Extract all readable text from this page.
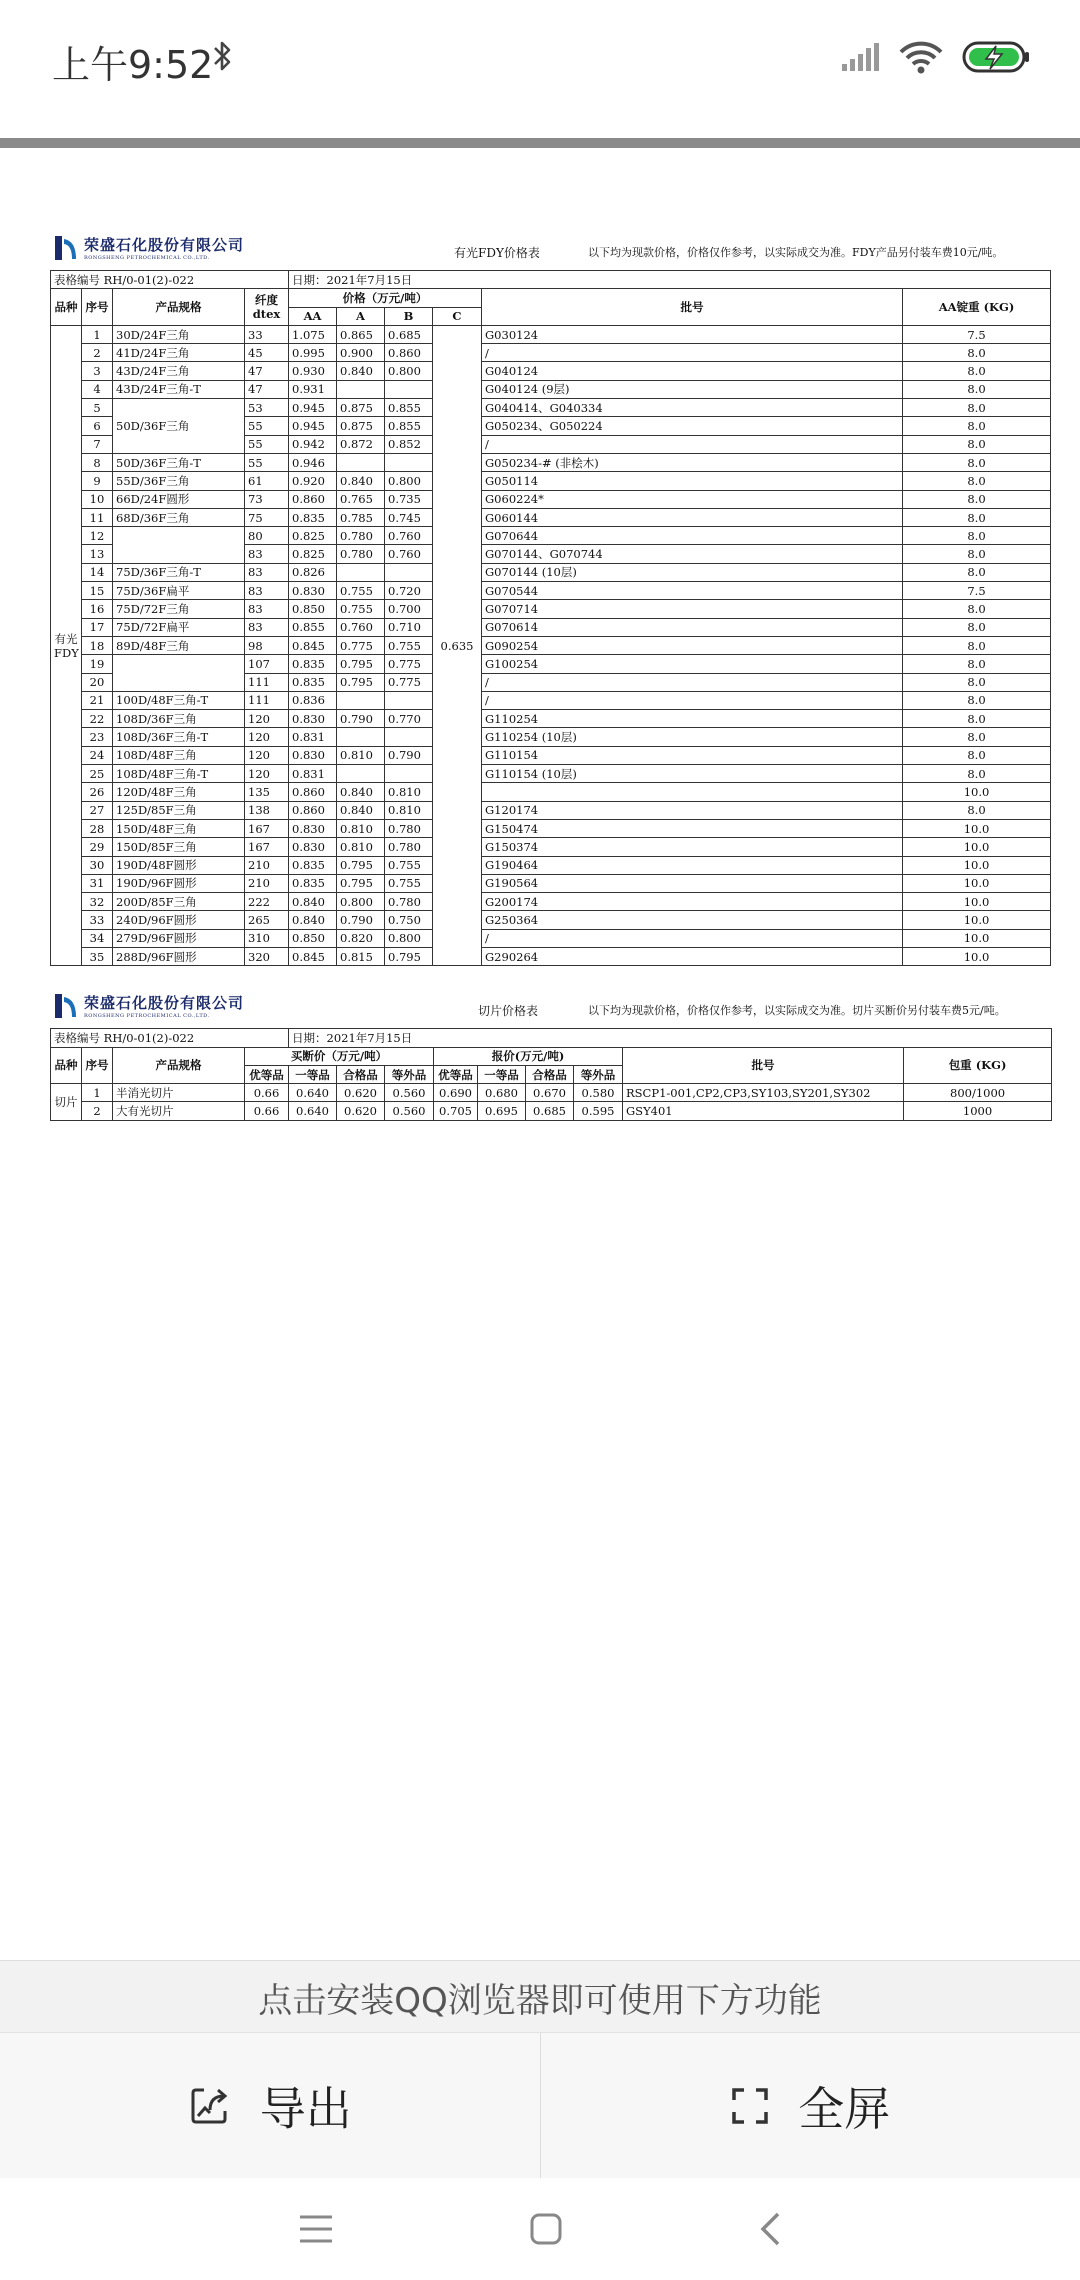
上午9:52
荣盛石化股份有限公司
RONGSHENG PETROCHEMICAL CO.,LTD.	有光FDY价格表	以下均为现款价格，价格仅作参考，以实际成交为准。FDY产品另付装车费10元/吨。
表格编号 RH/0-01(2)-022				日期：2021年7月15日					
品种	序号	产品规格	纤度 dtex	价格（万元/吨）				批号	AA锭重 (KG)
				AA	A	B	C		
有光FDY	1	30D/24F三角	33	1.075	0.865	0.685	0.635	G030124	7.5
	2	41D/24F三角	45	0.995	0.900	0.860		/	8.0
	3	43D/24F三角	47	0.930	0.840	0.800		G040124	8.0
	4	43D/24F三角-T	47	0.931				G040124 (9层)	8.0
	5	50D/36F三角	53	0.945	0.875	0.855		G040414、G040334	8.0
	6		55	0.945	0.875	0.855		G050234、G050224	8.0
	7		55	0.942	0.872	0.852		/	8.0
	8	50D/36F三角-T	55	0.946				G050234-# (非桧木)	8.0
	9	55D/36F三角	61	0.920	0.840	0.800		G050114	8.0
	10	66D/24F圆形	73	0.860	0.765	0.735		G060224*	8.0
	11	68D/36F三角	75	0.835	0.785	0.745		G060144	8.0
	12		80	0.825	0.780	0.760		G070644	8.0
	13		83	0.825	0.780	0.760		G070144、G070744	8.0
	14	75D/36F三角-T	83	0.826				G070144 (10层)	8.0
	15	75D/36F扁平	83	0.830	0.755	0.720		G070544	7.5
	16	75D/72F三角	83	0.850	0.755	0.700		G070714	8.0
	17	75D/72F扁平	83	0.855	0.760	0.710		G070614	8.0
	18	89D/48F三角	98	0.845	0.775	0.755		G090254	8.0
	19		107	0.835	0.795	0.775		G100254	8.0
	20		111	0.835	0.795	0.775		/	8.0
	21	100D/48F三角-T	111	0.836				/	8.0
	22	108D/36F三角	120	0.830	0.790	0.770		G110254	8.0
	23	108D/36F三角-T	120	0.831				G110254 (10层)	8.0
	24	108D/48F三角	120	0.830	0.810	0.790		G110154	8.0
	25	108D/48F三角-T	120	0.831				G110154 (10层)	8.0
	26	120D/48F三角	135	0.860	0.840	0.810			10.0
	27	125D/85F三角	138	0.860	0.840	0.810		G120174	8.0
	28	150D/48F三角	167	0.830	0.810	0.780		G150474	10.0
	29	150D/85F三角	167	0.830	0.810	0.780		G150374	10.0
	30	190D/48F圆形	210	0.835	0.795	0.755		G190464	10.0
	31	190D/96F圆形	210	0.835	0.795	0.755		G190564	10.0
	32	200D/85F三角	222	0.840	0.800	0.780		G200174	10.0
	33	240D/96F圆形	265	0.840	0.790	0.750		G250364	10.0
	34	279D/96F圆形	310	0.850	0.820	0.800		/	10.0
	35	288D/96F圆形	320	0.845	0.815	0.795		G290264	10.0
荣盛石化股份有限公司
RONGSHENG PETROCHEMICAL CO.,LTD.	切片价格表	以下均为现款价格，价格仅作参考，以实际成交为准。切片买断价另付装车费5元/吨。
表格编号 RH/0-01(2)-022				日期：2021年7月15日								
品种	序号	产品规格	买断价（万元/吨）				报价(万元/吨)				批号	包重 (KG)
			优等品	一等品	合格品	等外品	优等品	一等品	合格品	等外品		
切片	1	半消光切片	0.66	0.640	0.620	0.560	0.690	0.680	0.670	0.580	RSCP1-001,CP2,CP3,SY103,SY201,SY302	800/1000
	2	大有光切片	0.66	0.640	0.620	0.560	0.705	0.695	0.685	0.595	GSY401	1000
点击安装QQ浏览器即可使用下方功能
导出	全屏
